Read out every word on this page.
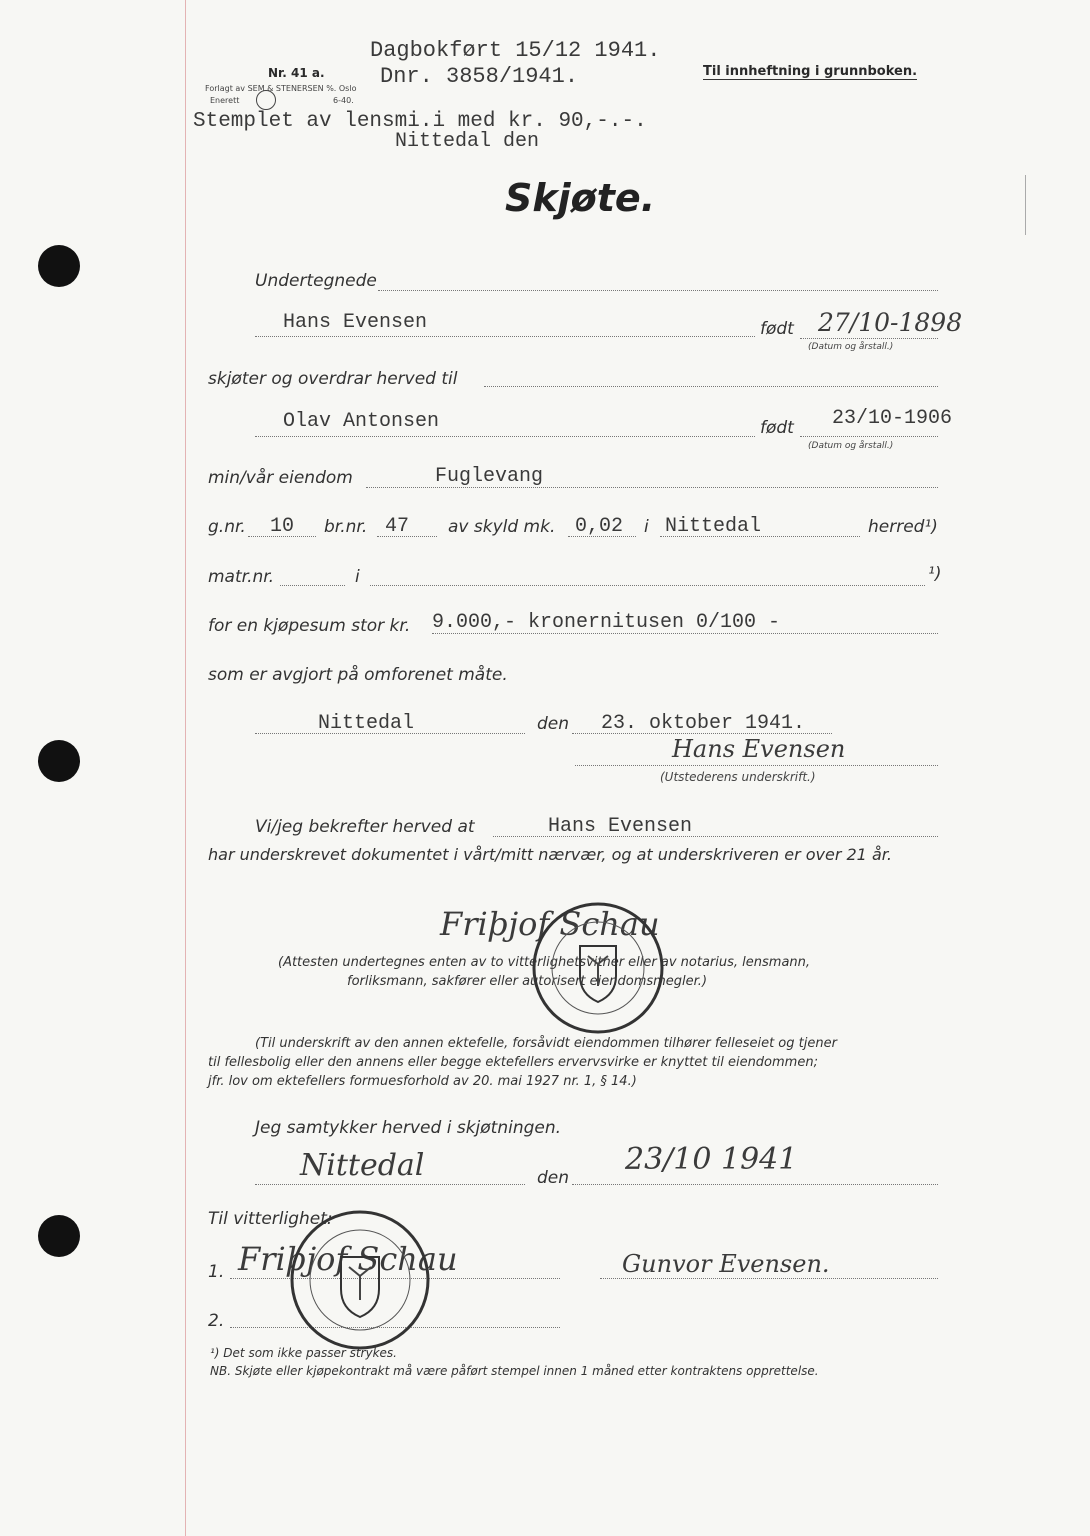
Nr. 41 a.
Forlagt av SEM & STENERSEN %. Oslo
Enerett	6-40.
Dagbokført 15/12 1941.
Dnr. 3858/1941.	Til innheftning i grunnboken.
Stemplet av lensmi.i med kr. 90,-.-.
Nittedal den
Skjøte.
Undertegnede
Hans Evensen	født 27/10-1898
(Datum og årstall.)
skjøter og overdrar herved til
Olav Antonsen	født 23/10-1906
(Datum og årstall.)
min/vår eiendom	Fuglevang
g.nr. 10 br.nr. 47 av skyld mk. 0,02 i Nittedal	herred¹)
matr.nr.	i	¹)
for en kjøpesum stor kr. 9.000,- kronernitusen 0/100 -
som er avgjort på omforenet måte.
Nittedal	den 23. oktober 1941.
Hans Evensen
(Utstederens underskrift.)
Vi/jeg bekrefter herved at	Hans Evensen
har underskrevet dokumentet i vårt/mitt nærvær, og at underskriveren er over 21 år.
Friþjof Schau
(Attesten undertegnes enten av to vitterlighetsvitner eller av notarius, lensmann,
forliksmann, sakfører eller autorisert eiendomsmegler.)
(Til underskrift av den annen ektefelle, forsåvidt eiendommen tilhører felleseiet og tjener
til fellesbolig eller den annens eller begge ektefellers ervervsvirke er knyttet til eiendommen;
jfr. lov om ektefellers formuesforhold av 20. mai 1927 nr. 1, § 14.)
Jeg samtykker herved i skjøtningen.
Nittedal	den
23/10 1941
Til vitterlighet:
1. Friþjof Schau	Gunvor Evensen.
2.
¹) Det som ikke passer strykes.
NB. Skjøte eller kjøpekontrakt må være påført stempel innen 1 måned etter kontraktens opprettelse.
